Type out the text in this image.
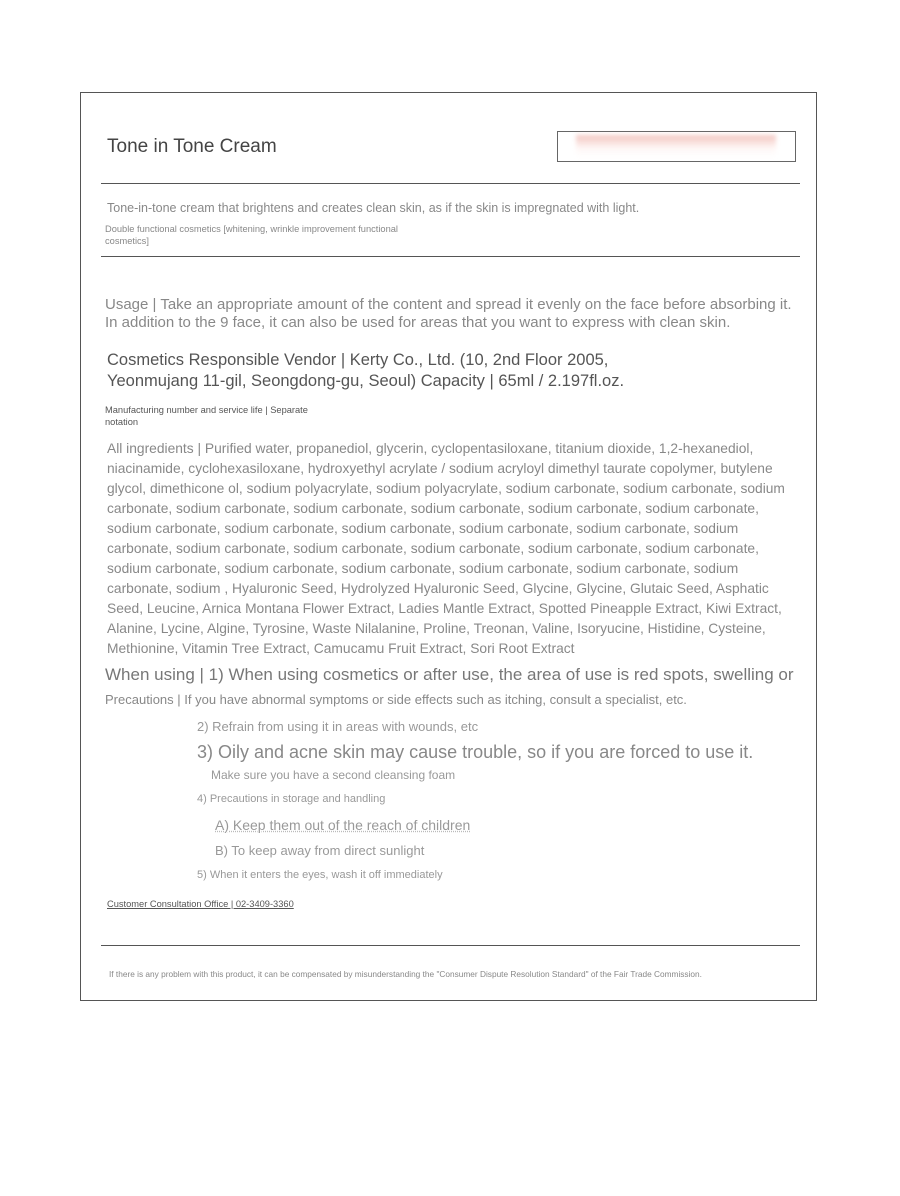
Tone in Tone Cream
Tone-in-tone cream that brightens and creates clean skin, as if the skin is impregnated with light.
Double functional cosmetics [whitening, wrinkle improvement functional cosmetics]
Usage | Take an appropriate amount of the content and spread it evenly on the face before absorbing it. In addition to the 9 face, it can also be used for areas that you want to express with clean skin.
Cosmetics Responsible Vendor | Kerty Co., Ltd. (10, 2nd Floor 2005, Yeonmujang 11-gil, Seongdong-gu, Seoul) Capacity | 65ml / 2.197fl.oz.
Manufacturing number and service life | Separate notation
All ingredients | Purified water, propanediol, glycerin, cyclopentasiloxane, titanium dioxide, 1,2-hexanediol, niacinamide, cyclohexasiloxane, hydroxyethyl acrylate / sodium acryloyl dimethyl taurate copolymer, butylene glycol, dimethicone ol, sodium polyacrylate, sodium polyacrylate, sodium carbonate, sodium carbonate, sodium carbonate, sodium carbonate, sodium carbonate, sodium carbonate, sodium carbonate, sodium carbonate, sodium carbonate, sodium carbonate, sodium carbonate, sodium carbonate, sodium carbonate, sodium carbonate, sodium carbonate, sodium carbonate, sodium carbonate, sodium carbonate, sodium carbonate, sodium carbonate, sodium carbonate, sodium carbonate, sodium carbonate, sodium carbonate, sodium carbonate, sodium , Hyaluronic Seed, Hydrolyzed Hyaluronic Seed, Glycine, Glycine, Glutaic Seed, Asphatic Seed, Leucine, Arnica Montana Flower Extract, Ladies Mantle Extract, Spotted Pineapple Extract, Kiwi Extract, Alanine, Lycine, Algine, Tyrosine, Waste Nilalanine, Proline, Treonan, Valine, Isoryucine, Histidine, Cysteine, Methionine, Vitamin Tree Extract, Camucamu Fruit Extract, Sori Root Extract
When using | 1) When using cosmetics or after use, the area of use is red spots, swelling or
Precautions | If you have abnormal symptoms or side effects such as itching, consult a specialist, etc.
2) Refrain from using it in areas with wounds, etc
3) Oily and acne skin may cause trouble, so if you are forced to use it.
Make sure you have a second cleansing foam
4) Precautions in storage and handling
A) Keep them out of the reach of children
B) To keep away from direct sunlight
5) When it enters the eyes, wash it off immediately
Customer Consultation Office | 02-3409-3360
If there is any problem with this product, it can be compensated by misunderstanding the "Consumer Dispute Resolution Standard" of the Fair Trade Commission.
